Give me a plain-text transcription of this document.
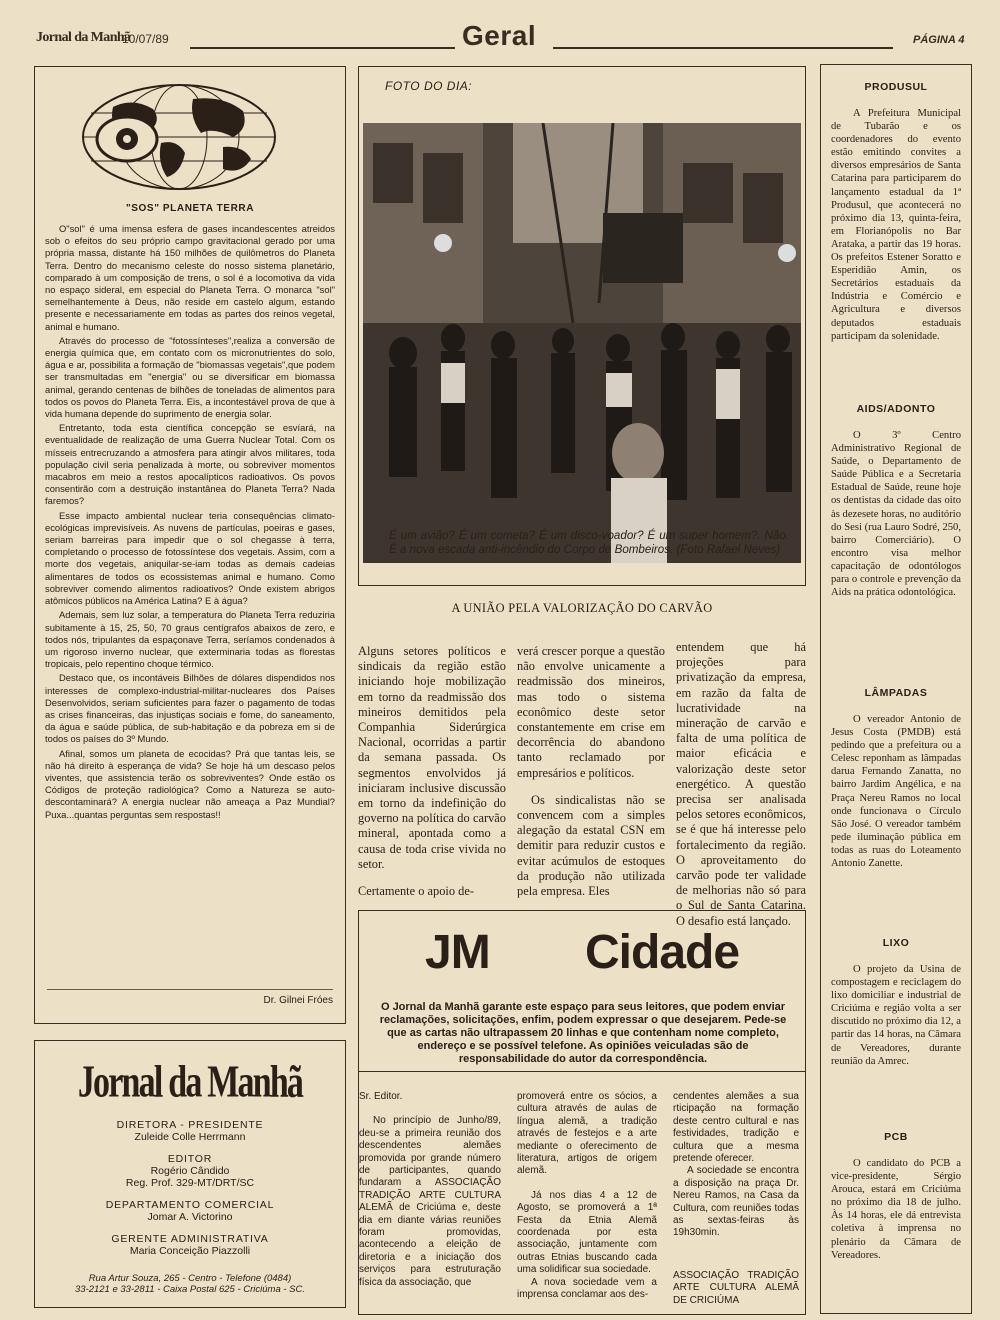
Jornal da Manhã
10/07/89	Geral	PÁGINA 4
"SOS" PLANETA TERRA

O"sol" é uma imensa esfera de gases incandescentes atreidos sob o efeitos do seu próprio campo gravitacional gerado por uma própria massa, distante há 150 milhões de quilômetros do Planeta Terra. Dentro do mecanismo celeste do nosso sistema planetário, comparado à um composição de trens, o sol é a locomotiva da vida no espaço sideral, em especial do Planeta Terra. O monarca "sol" semelhantemente à Deus, não reside em castelo algum, estando presente e necessariamente em todas as partes dos reinos vegetal, animal e humano.

Através do processo de "fotossínteses",realiza a conversão de energia química que, em contato com os micronutrientes do solo, água e ar, possibilita a formação de "biomassas vegetais",que podem ser transmultadas em "energia" ou se diversificar em biomassa animal, gerando centenas de bilhões de toneladas de alimentos para todos os povos do Planeta Terra. Eis, a incontestável prova de que à vida humana depende do suprimento de energia solar.

Entretanto, toda esta científica concepção se esvíará, na eventualidade de realização de uma Guerra Nuclear Total. Com os mísseis entrecruzando a atmosfera para atingir alvos militares, toda população civil seria penalizada à morte, ou sobreviver momentos macabros em meio a restos apocalípticos radioativos. Os povos consentirão com a destruição instantânea do Planeta Terra? Nada faremos?

Esse impacto ambiental nuclear teria consequências climato-ecológicas imprevisíveis. As nuvens de partículas, poeiras e gases, seriam barreiras para impedir que o sol chegasse à terra, completando o processo de fotossíntese dos vegetais. Assim, com a morte dos vegetais, aniquilar-se-iam todas as demais cadeias alimentares de todos os ecossistemas animal e humano. Como sobreviver comendo alimentos radioativos? Onde existem abrigos atômicos públicos na América Latina? E à água?

Ademais, sem luz solar, a temperatura do Planeta Terra reduziria subitamente à 15, 25, 50, 70 graus centígrafos abaixos de zero, e todos nós, tripulantes da espaçonave Terra, seríamos condenados à um rigoroso inverno nuclear, que exterminaria todas as florestas tropicais, pelo repentino choque térmico.

Destaco que, os incontáveis Bilhões de dólares dispendidos nos interesses de complexo-industrial-militar-nucleares dos Países Desenvolvidos, seriam suficientes para fazer o pagamento de todas as crises financeiras, das injustiças sociais e fome, do saneamento, da água e saúde pública, de sub-habitação e da pobreza em si de todos os países do 3º Mundo.

Afinal, somos um planeta de ecocidas? Prá que tantas leis, se não há direito à esperança de vida? Se hoje há um descaso pelos viventes, que assistencia terão os sobreviventes? Onde estão os Códigos de proteção radiológica? Como a Natureza se auto-descontaminará? A energia nuclear não ameaça a Paz Mundial? Puxa...quantas perguntas sem respostas!!

Dr. Gilnei Fróes
Jornal da Manhã
DIRETORA - PRESIDENTE
Zuleide Colle Herrmann
EDITOR
Rogério Cândido
Reg. Prof. 329-MT/DRT/SC
DEPARTAMENTO COMERCIAL
Jomar A. Victorino
GERENTE ADMINISTRATIVA
Maria Conceição Piazzolli
Rua Artur Souza, 265 - Centro - Telefone (0484)
33-2121 e 33-2811 - Caixa Postal 625 - Criciúma - SC.
FOTO DO DIA:
É um avião? É um cometa? É um disco-voador? É um super homem?. Não. É a nova escada anti-incêndio do Corpo de Bombeiros. (Foto Rafael Neves)
A UNIÃO PELA VALORIZAÇÃO DO CARVÃO
Alguns setores políticos e sindicais da região estão iniciando hoje mobilização em torno da readmissão dos mineiros demitidos pela Companhia Siderúrgica Nacional, ocorridas a partir da semana passada. Os segmentos envolvidos já iniciaram inclusive discussão em torno da indefinição do governo na política do carvão mineral, apontada como a causa de toda crise vivida no setor.
Certamente o apoio de-
verá crescer porque a questão não envolve unicamente a readmissão dos mineiros, mas todo o sistema econômico deste setor constantemente em crise em decorrência do abandono tanto reclamado por empresários e políticos.
Os sindicalistas não se convencem com a simples alegação da estatal CSN em demitir para reduzir custos e evitar acúmulos de estoques da produção não utilizada pela empresa. Eles
entendem que há projeções para privatização da empresa, em razão da falta de lucratividade na mineração de carvão e falta de uma política de maior eficácia e valorização deste setor energético. A questão precisa ser analisada pelos setores econômicos, se é que há interesse pelo fortalecimento da região. O aproveitamento do carvão pode ter validade de melhorias não só para o Sul de Santa Catarina. O desafio está lançado.
JM Cidade
O Jornal da Manhã garante este espaço para seus leitores, que podem enviar reclamações, solicitações, enfim, podem expressar o que desejarem. Pede-se que as cartas não ultrapassem 20 linhas e que contenham nome completo, endereço e se possível telefone. As opiniões veiculadas são de responsabilidade do autor da correspondência.
Sr. Editor.
No princípio de Junho/89, deu-se a primeira reunião dos descendentes alemães promovida por grande número de participantes, quando fundaram a ASSOCIAÇÃO TRADIÇÃO ARTE CULTURA ALEMÃ de Criciúma e, deste dia em diante várias reuniões foram promovidas, acontecendo a eleição de diretoria e a iniciação dos serviços para estruturação física da associação, que
promoverá entre os sócios, a cultura através de aulas de língua alemã, a tradição através de festejos e a arte mediante o oferecimento de literatura, artigos de origem alemã.
Já nos dias 4 a 12 de Agosto, se promoverá a 1ª Festa da Etnia Alemã coordenada por esta associação, juntamente com outras Etnias buscando cada uma solidificar sua sociedade.
A nova sociedade vem a imprensa conclamar aos des-
cendentes alemães a sua rticipação na formação deste centro cultural e nas festividades, tradição e cultura que a mesma pretende oferecer.
A sociedade se encontra a disposição na praça Dr. Nereu Ramos, na Casa da Cultura, com reuniões todas as sextas-feiras às 19h30min.
ASSOCIAÇÃO TRADIÇÃO ARTE CULTURA ALEMÃ DE CRICIÚMA
PRODUSUL
A Prefeitura Municipal de Tubarão e os coordenadores do evento estão emitindo convites a diversos empresários de Santa Catarina para participarem do lançamento estadual da 1ª Produsul, que acontecerá no próximo dia 13, quinta-feira, em Florianópolis no Bar Arataka, a partir das 19 horas. Os prefeitos Estener Soratto e Esperidião Amin, os Secretários estaduais da Indústria e Comércio e Agricultura e diversos deputados estaduais participam da solenidade.
AIDS/ADONTO
O 3º Centro Administrativo Regional de Saúde, o Departamento de Saúde Pública e a Secretaria Estadual de Saúde, reune hoje os dentistas da cidade das oito às dezesete horas, no auditório do Sesi (rua Lauro Sodré, 250, bairro Comerciário). O encontro visa melhor capacitação de odontólogos para o controle e prevenção da Aids na prática odontológica.
LÂMPADAS
O vereador Antonio de Jesus Costa (PMDB) está pedindo que a prefeitura ou a Celesc reponham as lâmpadas darua Fernando Zanatta, no bairro Jardim Angélica, e na Praça Nereu Ramos no local onde funcionava o Círculo São José. O vereador também pede iluminação pública em todas as ruas do Loteamento Antonio Zanette.
LIXO
O projeto da Usina de compostagem e reciclagem do lixo domiciliar e industrial de Criciúma e região volta a ser discutido no próximo dia 12, a partir das 14 horas, na Câmara de Vereadores, durante reunião da Amrec.
PCB
O candidato do PCB a vice-presidente, Sérgio Arouca, estará em Criciúma no próximo dia 18 de julho. Às 14 horas, ele dá entrevista coletiva à imprensa no plenário da Câmara de Vereadores.
